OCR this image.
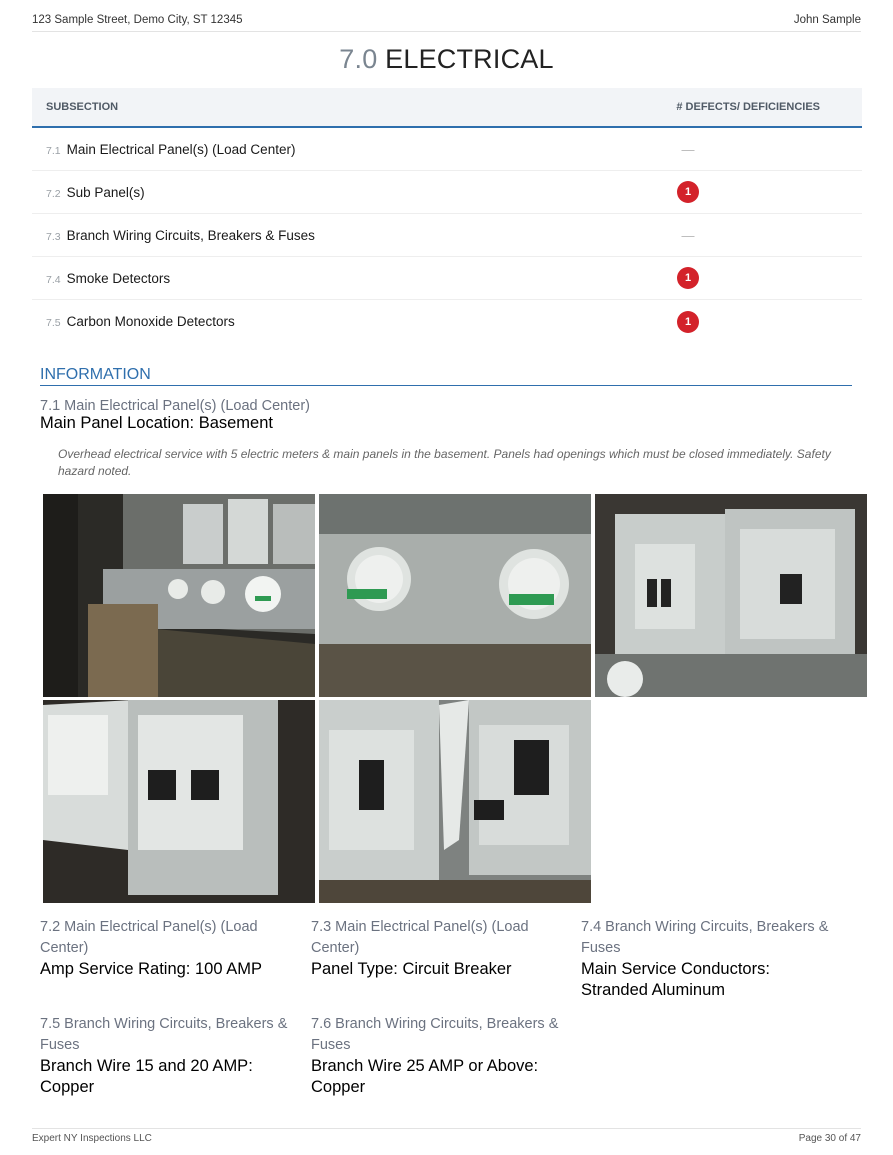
123 Sample Street, Demo City, ST 12345	John Sample
7.0 ELECTRICAL
SUBSECTION	# DEFECTS/ DEFICIENCIES
7.1 Main Electrical Panel(s) (Load Center)	—
7.2 Sub Panel(s)	1
7.3 Branch Wiring Circuits, Breakers & Fuses	—
7.4 Smoke Detectors	1
7.5 Carbon Monoxide Detectors	1
INFORMATION
7.1 Main Electrical Panel(s) (Load Center)
Main Panel Location: Basement
Overhead electrical service with 5 electric meters & main panels in the basement. Panels had openings which must be closed immediately. Safety hazard noted.
7.2 Main Electrical Panel(s) (Load Center)
Amp Service Rating: 100 AMP
7.3 Main Electrical Panel(s) (Load Center)
Panel Type: Circuit Breaker
7.4 Branch Wiring Circuits, Breakers & Fuses
Main Service Conductors: Stranded Aluminum
7.5 Branch Wiring Circuits, Breakers & Fuses
Branch Wire 15 and 20 AMP: Copper
7.6 Branch Wiring Circuits, Breakers & Fuses
Branch Wire 25 AMP or Above: Copper
Expert NY Inspections LLC	Page 30 of 47
